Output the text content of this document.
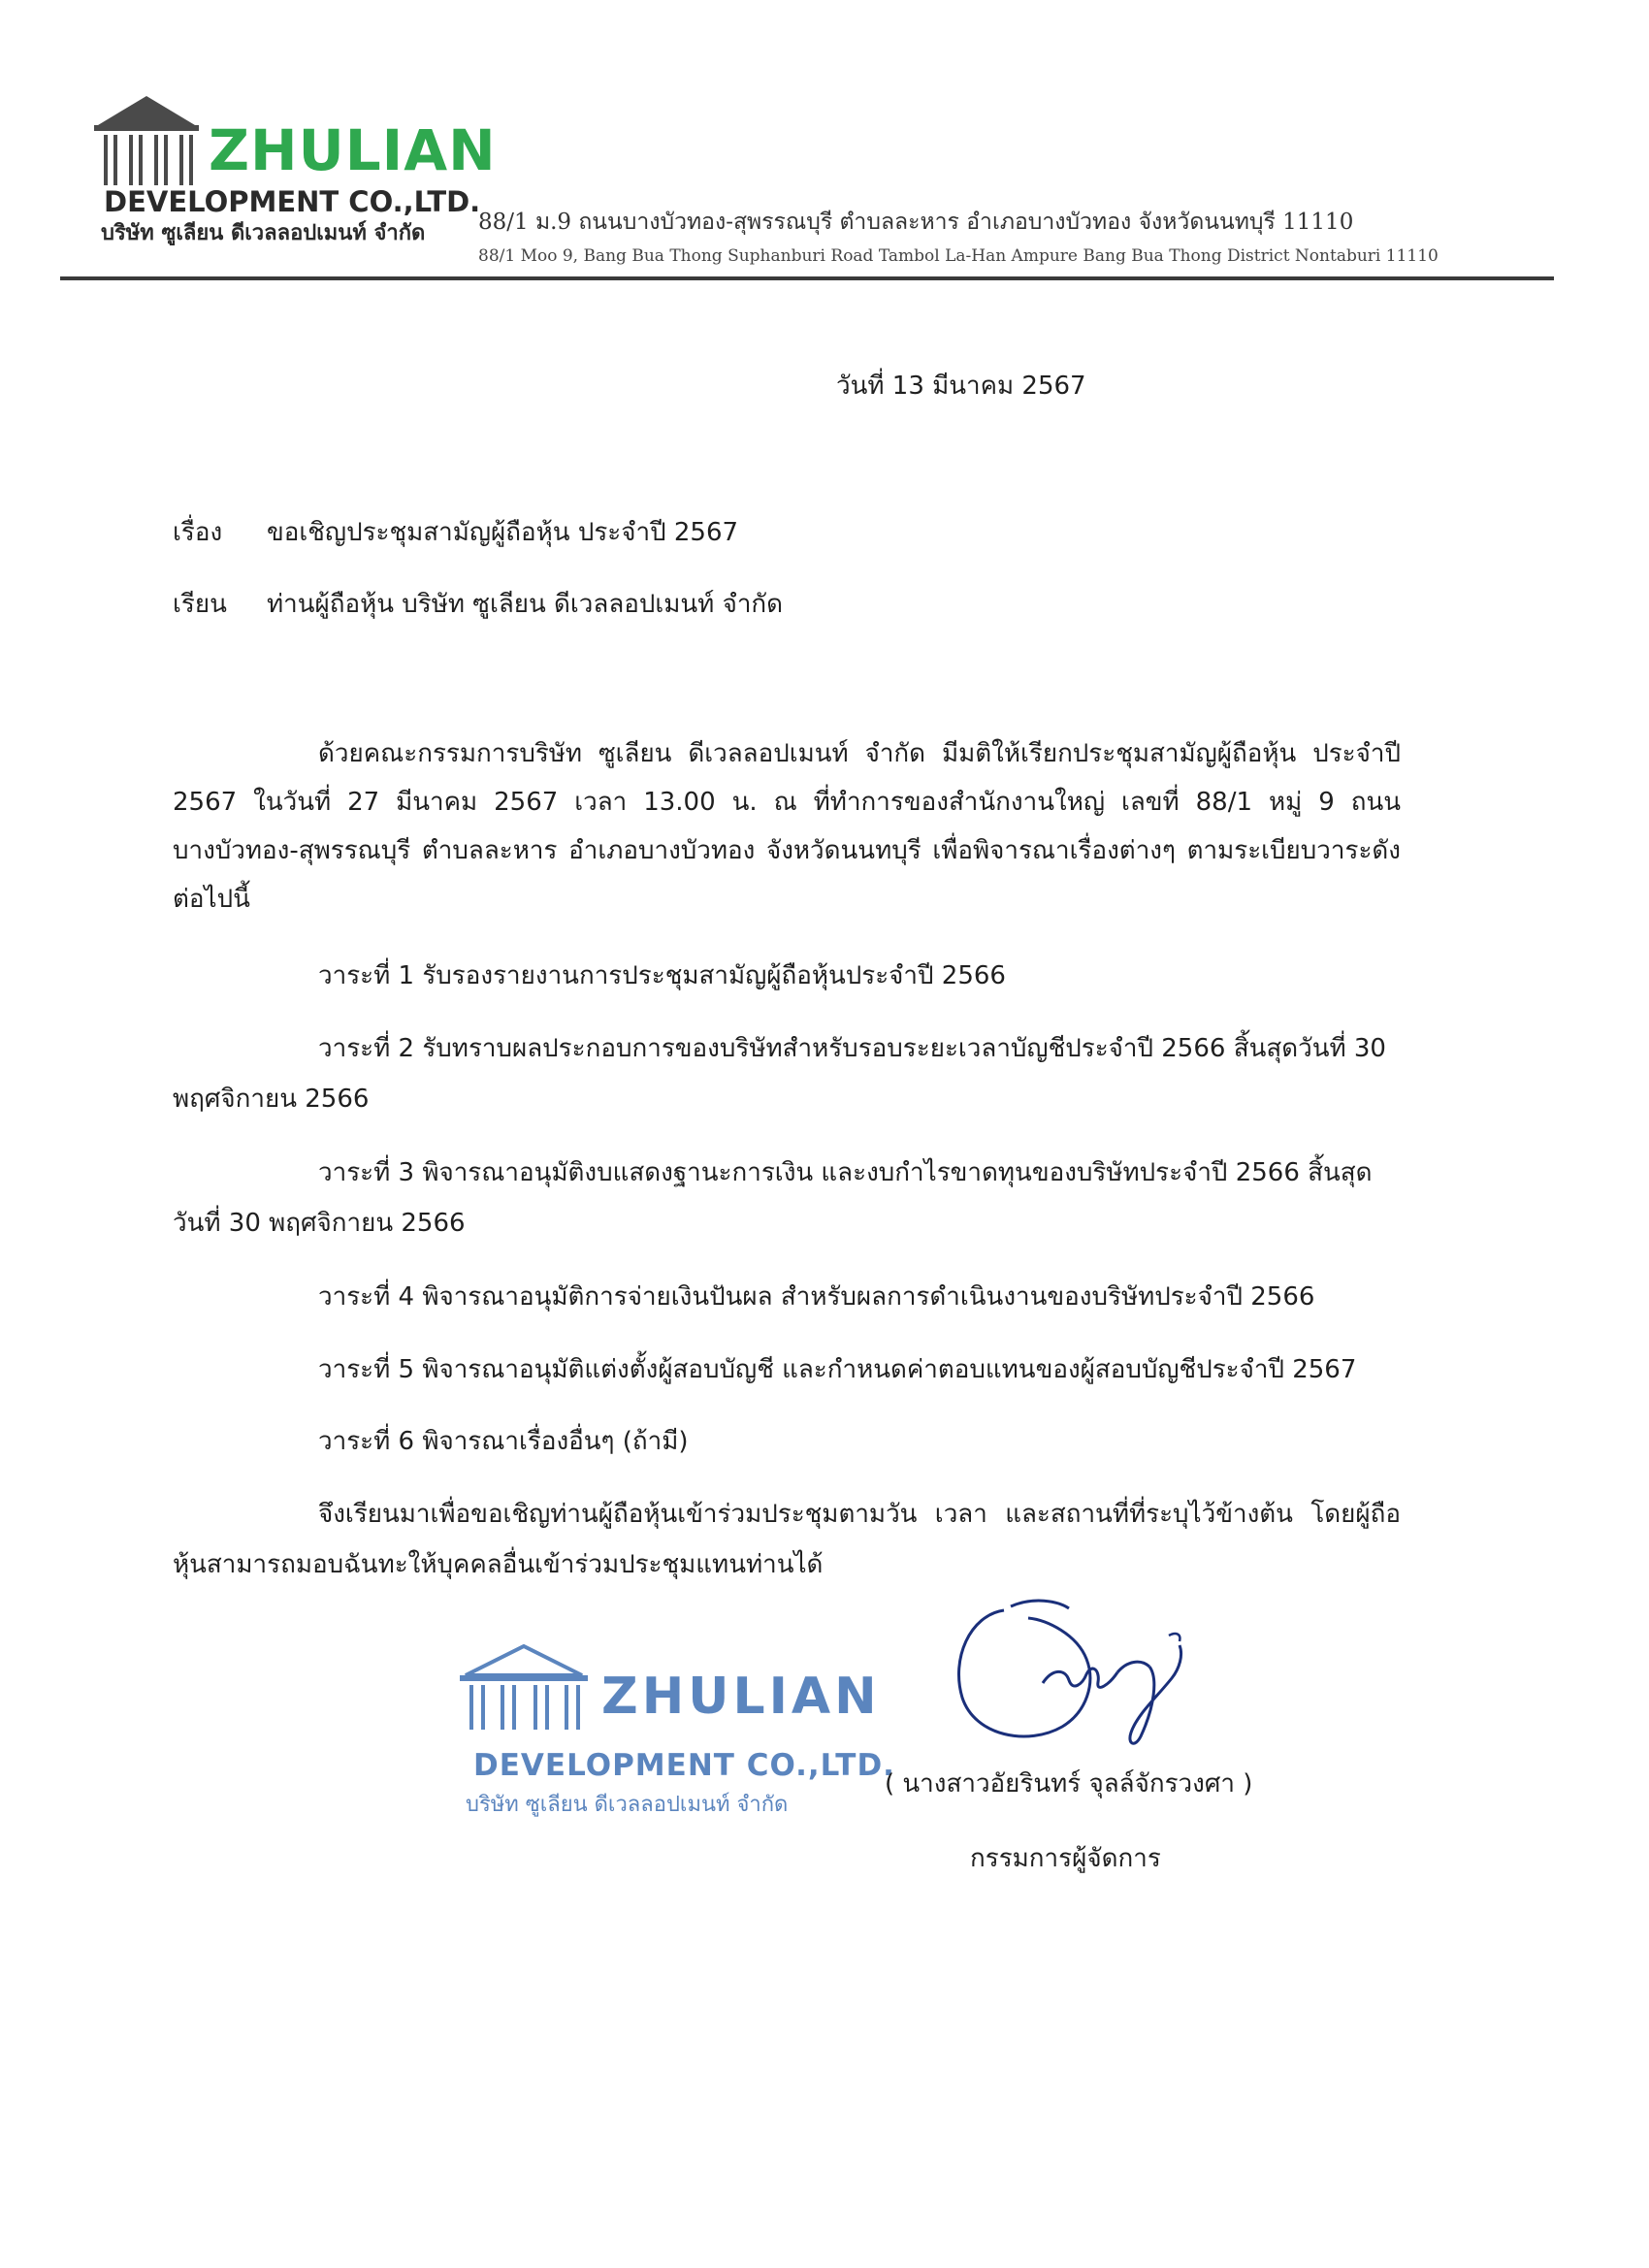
ZHULIAN
DEVELOPMENT CO.,LTD.
บริษัท ซูเลียน ดีเวลลอปเมนท์ จำกัด 88/1 ม.9 ถนนบางบัวทอง-สุพรรณบุรี ตำบลละหาร อำเภอบางบัวทอง จังหวัดนนทบุรี 11110
88/1 Moo 9, Bang Bua Thong Suphanburi Road Tambol La-Han Ampure Bang Bua Thong District Nontaburi 11110
วันที่ 13 มีนาคม 2567
เรื่อง ขอเชิญประชุมสามัญผู้ถือหุ้น ประจำปี 2567
เรียน ท่านผู้ถือหุ้น บริษัท ซูเลียน ดีเวลลอปเมนท์ จำกัด
ด้วยคณะกรรมการบริษัท ซูเลียน ดีเวลลอปเมนท์ จำกัด มีมติให้เรียกประชุมสามัญผู้ถือหุ้น ประจำปี 2567 ในวันที่ 27 มีนาคม 2567 เวลา 13.00 น. ณ ที่ทำการของสำนักงานใหญ่ เลขที่ 88/1 หมู่ 9 ถนนบางบัวทอง-สุพรรณบุรี ตำบลละหาร อำเภอบางบัวทอง จังหวัดนนทบุรี เพื่อพิจารณาเรื่องต่างๆ ตามระเบียบวาระดังต่อไปนี้
วาระที่ 1 รับรองรายงานการประชุมสามัญผู้ถือหุ้นประจำปี 2566
วาระที่ 2 รับทราบผลประกอบการของบริษัทสำหรับรอบระยะเวลาบัญชีประจำปี 2566 สิ้นสุดวันที่ 30 พฤศจิกายน 2566
วาระที่ 3 พิจารณาอนุมัติงบแสดงฐานะการเงิน และงบกำไรขาดทุนของบริษัทประจำปี 2566 สิ้นสุดวันที่ 30 พฤศจิกายน 2566
วาระที่ 4 พิจารณาอนุมัติการจ่ายเงินปันผล สำหรับผลการดำเนินงานของบริษัทประจำปี 2566
วาระที่ 5 พิจารณาอนุมัติแต่งตั้งผู้สอบบัญชี และกำหนดค่าตอบแทนของผู้สอบบัญชีประจำปี 2567
วาระที่ 6 พิจารณาเรื่องอื่นๆ (ถ้ามี)
จึงเรียนมาเพื่อขอเชิญท่านผู้ถือหุ้นเข้าร่วมประชุมตามวัน เวลา และสถานที่ที่ระบุไว้ข้างต้น โดยผู้ถือหุ้นสามารถมอบฉันทะให้บุคคลอื่นเข้าร่วมประชุมแทนท่านได้
ZHULIAN
DEVELOPMENT CO.,LTD.
บริษัท ซูเลียน ดีเวลลอปเมนท์ จำกัด
( นางสาวอัยรินทร์ จุลล์จักรวงศา )
กรรมการผู้จัดการ
